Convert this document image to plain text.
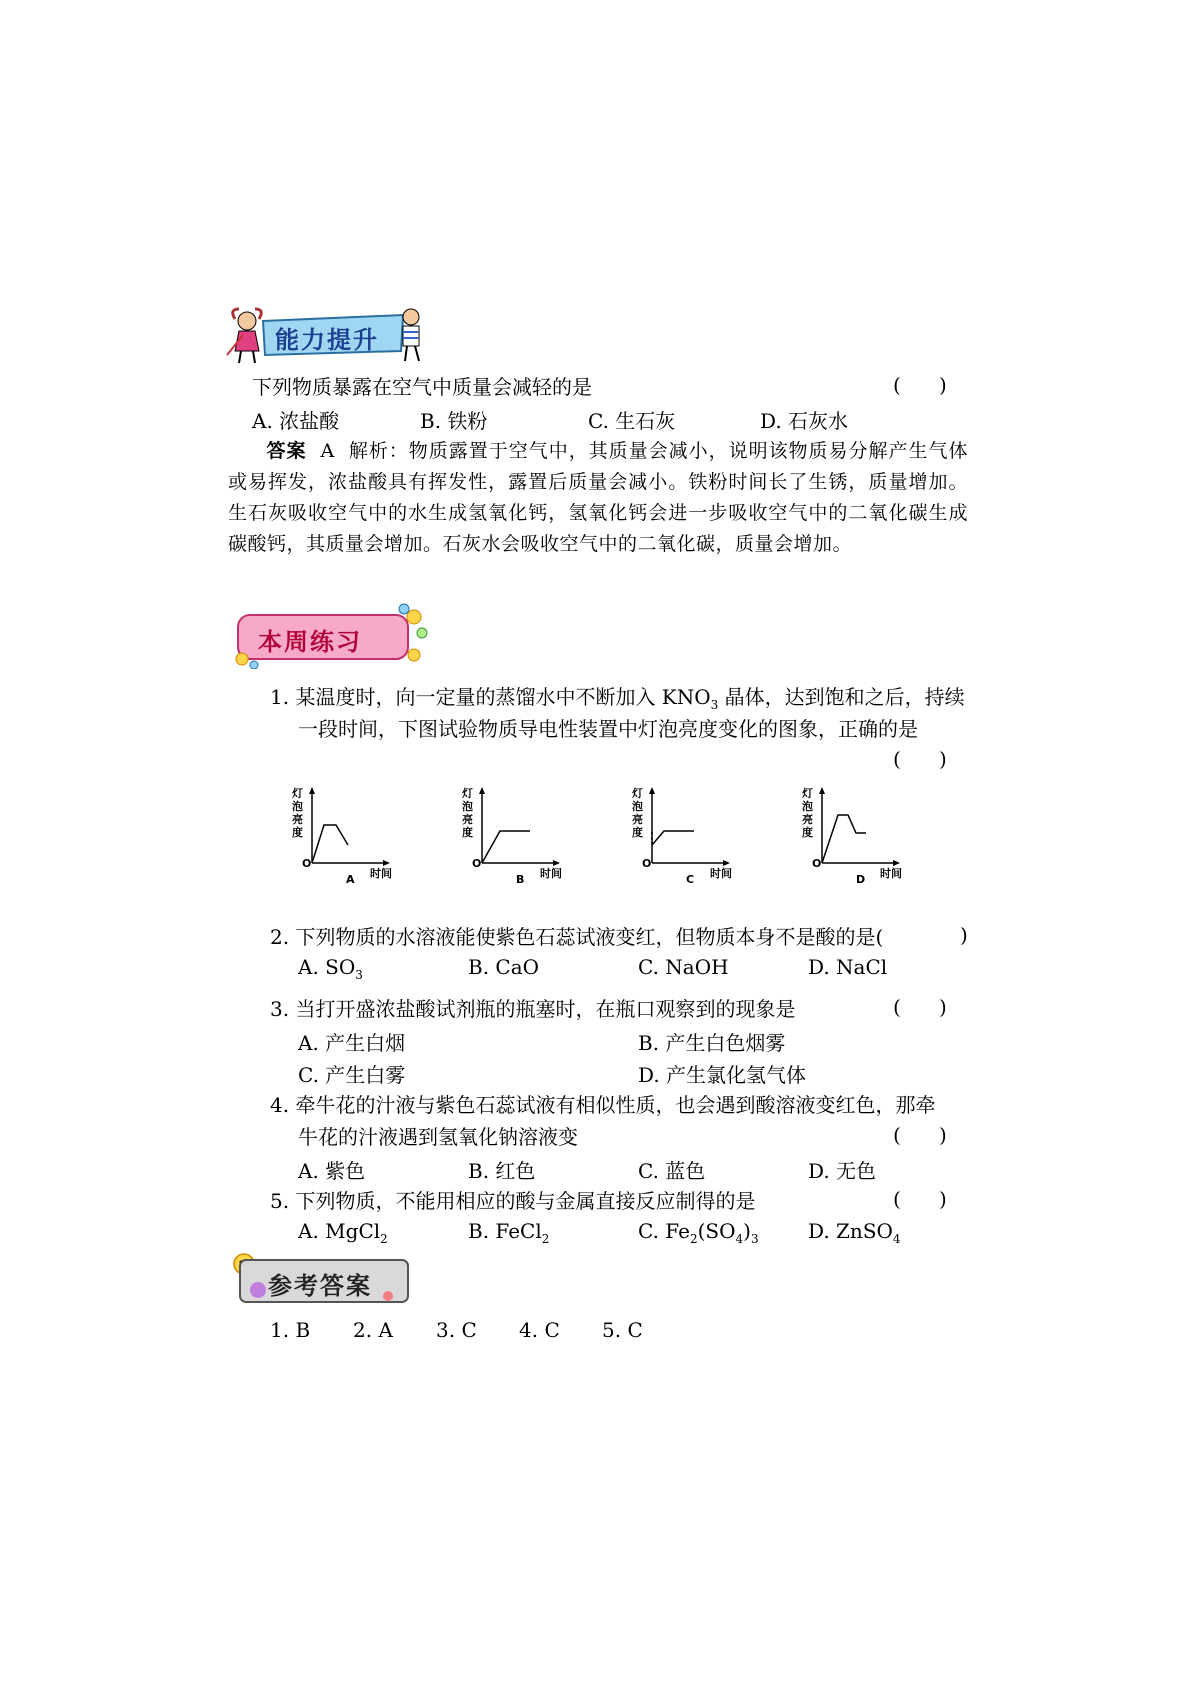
能力提升
下列物质暴露在空气中质量会减轻的是	(      )
A. 浓盐酸	B. 铁粉	C. 生石灰	D. 石灰水
答案 A 解析：物质露置于空气中，其质量会减小，说明该物质易分解产生气体或易挥发，浓盐酸具有挥发性，露置后质量会减小。铁粉时间长了生锈，质量增加。生石灰吸收空气中的水生成氢氧化钙，氢氧化钙会进一步吸收空气中的二氧化碳生成碳酸钙，其质量会增加。石灰水会吸收空气中的二氧化碳，质量会增加。
本周练习
1. 某温度时，向一定量的蒸馏水中不断加入 $KNO_3$ 晶体，达到饱和之后，持续
一段时间，下图试验物质导电性装置中灯泡亮度变化的图象，正确的是
(      )
灯泡亮度
灯泡亮度
灯泡亮度
灯泡亮度
O	O	O	O
时间	时间	时间	时间
A	B	C	D
2. 下列物质的水溶液能使紫色石蕊试液变红，但物质本身不是酸的是(	)
A. $SO_3$	B. CaO	C. NaOH	D. NaCl
3. 当打开盛浓盐酸试剂瓶的瓶塞时，在瓶口观察到的现象是	(      )
A. 产生白烟	B. 产生白色烟雾
C. 产生白雾	D. 产生氯化氢气体
4. 牵牛花的汁液与紫色石蕊试液有相似性质，也会遇到酸溶液变红色，那牵
牛花的汁液遇到氢氧化钠溶液变	(      )
A. 紫色	B. 红色	C. 蓝色	D. 无色
5. 下列物质，不能用相应的酸与金属直接反应制得的是	(      )
A. MgCl$_2$	B. FeCl$_2$	C. $Fe_2(SO_4)_3$ D. ZnSO$_4$
参考答案
1. B 2. A 3. C 4. C 5. C
